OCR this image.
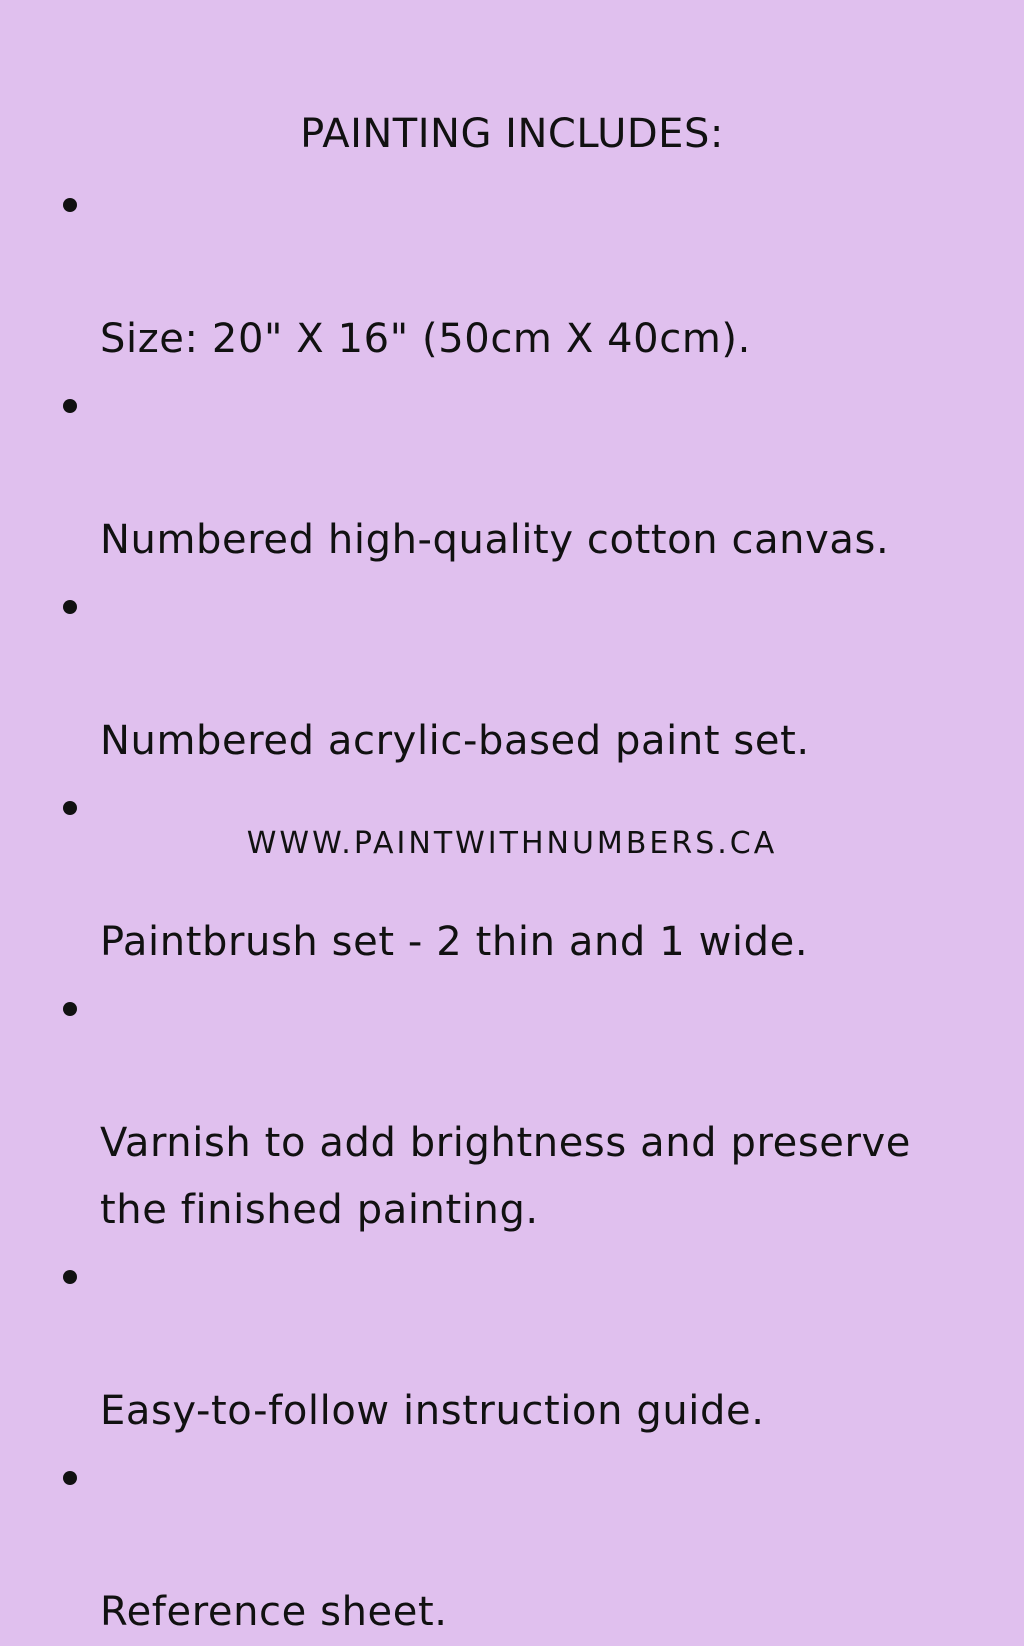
PAINTING INCLUDES:

Size: 20" X 16" (50cm X 40cm).

Numbered high-quality cotton canvas.

Numbered acrylic-based paint set.

Paintbrush set - 2 thin and 1 wide.

Varnish to add brightness and preserve
the finished painting.

Easy-to-follow instruction guide.

Reference sheet.

WWW.PAINTWITHNUMBERS.CA
